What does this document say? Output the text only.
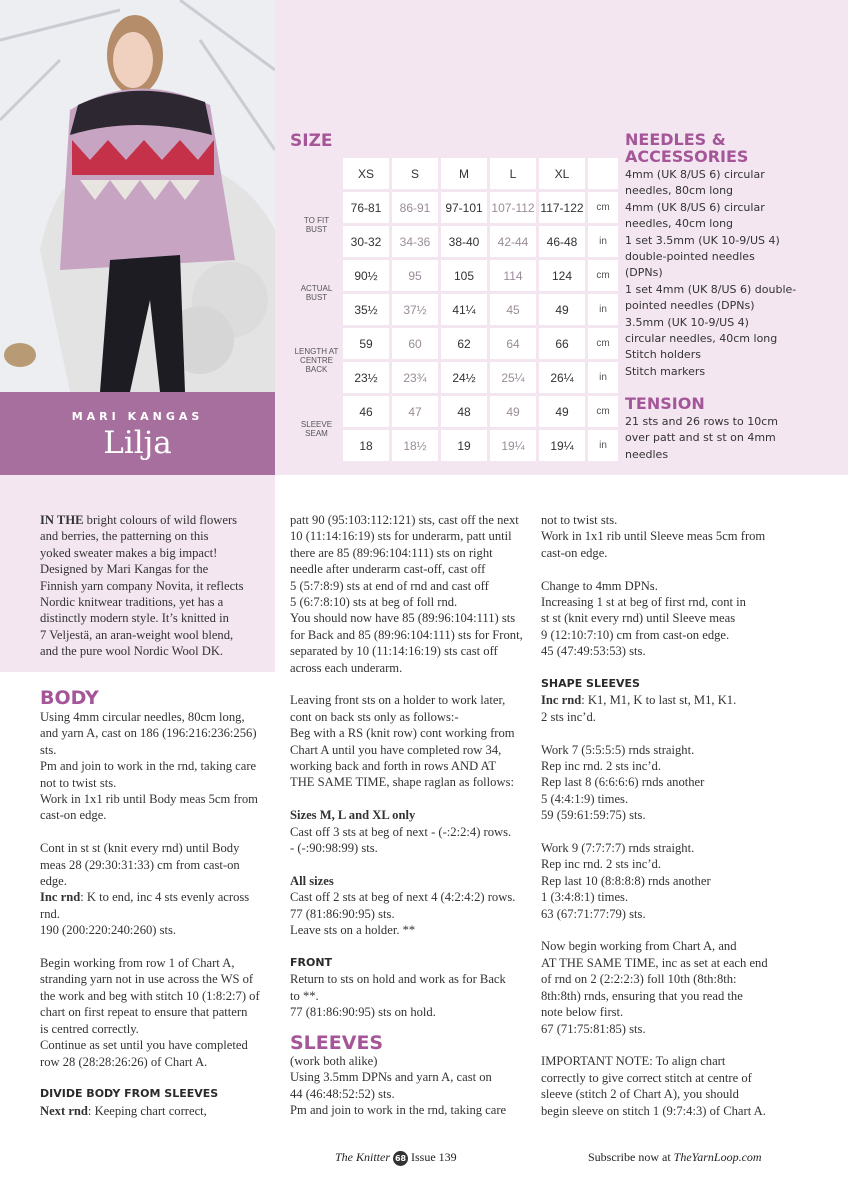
MARI KANGAS
Lilja
SIZE
	XS	S	M	L	XL	
TO FIT BUST	76-81	86-91	97-101	107-112	117-122	cm
	30-32	34-36	38-40	42-44	46-48	in
ACTUAL BUST	90½	95	105	114	124	cm
	35½	37½	41¼	45	49	in
LENGTH AT CENTRE BACK	59	60	62	64	66	cm
	23½	23¾	24½	25¼	26¼	in
SLEEVE SEAM	46	47	48	49	49	cm
	18	18½	19	19¼	19¼	in
NEEDLES &
ACCESSORIES
4mm (UK 8/US 6) circular
needles, 80cm long
4mm (UK 8/US 6) circular
needles, 40cm long
1 set 3.5mm (UK 10-9/US 4)
double-pointed needles
(DPNs)
1 set 4mm (UK 8/US 6) double-
pointed needles (DPNs)
3.5mm (UK 10-9/US 4)
circular needles, 40cm long
Stitch holders
Stitch markers
TENSION
21 sts and 26 rows to 10cm
over patt and st st on 4mm
needles

IN THE bright colours of wild flowers

and berries, the patterning on this

yoked sweater makes a big impact!

Designed by Mari Kangas for the

Finnish yarn company Novita, it reflects

Nordic knitwear traditions, yet has a

distinctly modern style. It’s knitted in

7 Veljestä, an aran-weight wool blend,

and the pure wool Nordic Wool DK.

BODY

Using 4mm circular needles, 80cm long,

and yarn A, cast on 186 (196:216:236:256)

sts.

Pm and join to work in the rnd, taking care

not to twist sts.

Work in 1x1 rib until Body meas 5cm from

cast-on edge.

Cont in st st (knit every rnd) until Body

meas 28 (29:30:31:33) cm from cast-on

edge.

Inc rnd: K to end, inc 4 sts evenly across

rnd.

190 (200:220:240:260) sts.

Begin working from row 1 of Chart A,

stranding yarn not in use across the WS of

the work and beg with stitch 10 (1:8:2:7) of

chart on first repeat to ensure that pattern

is centred correctly.

Continue as set until you have completed

row 28 (28:28:26:26) of Chart A.

DIVIDE BODY FROM SLEEVES

Next rnd: Keeping chart correct,

patt 90 (95:103:112:121) sts, cast off the next

10 (11:14:16:19) sts for underarm, patt until

there are 85 (89:96:104:111) sts on right

needle after underarm cast-off, cast off

5 (5:7:8:9) sts at end of rnd and cast off

5 (6:7:8:10) sts at beg of foll rnd.

You should now have 85 (89:96:104:111) sts

for Back and 85 (89:96:104:111) sts for Front,

separated by 10 (11:14:16:19) sts cast off

across each underarm.

Leaving front sts on a holder to work later,

cont on back sts only as follows:-

Beg with a RS (knit row) cont working from

Chart A until you have completed row 34,

working back and forth in rows AND AT

THE SAME TIME, shape raglan as follows:

Sizes M, L and XL only

Cast off 3 sts at beg of next - (-:2:2:4) rows.

- (-:90:98:99) sts.

All sizes

Cast off 2 sts at beg of next 4 (4:2:4:2) rows.

77 (81:86:90:95) sts.

Leave sts on a holder. **

FRONT

Return to sts on hold and work as for Back

to **.

77 (81:86:90:95) sts on hold.

SLEEVES

(work both alike)

Using 3.5mm DPNs and yarn A, cast on

44 (46:48:52:52) sts.

Pm and join to work in the rnd, taking care

not to twist sts.

Work in 1x1 rib until Sleeve meas 5cm from

cast-on edge.

Change to 4mm DPNs.

Increasing 1 st at beg of first rnd, cont in

st st (knit every rnd) until Sleeve meas

9 (12:10:7:10) cm from cast-on edge.

45 (47:49:53:53) sts.

SHAPE SLEEVES

Inc rnd: K1, M1, K to last st, M1, K1.

2 sts inc’d.

Work 7 (5:5:5:5) rnds straight.

Rep inc rnd. 2 sts inc’d.

Rep last 8 (6:6:6:6) rnds another

5 (4:4:1:9) times.

59 (59:61:59:75) sts.

Work 9 (7:7:7:7) rnds straight.

Rep inc rnd. 2 sts inc’d.

Rep last 10 (8:8:8:8) rnds another

1 (3:4:8:1) times.

63 (67:71:77:79) sts.

Now begin working from Chart A, and

AT THE SAME TIME, inc as set at each end

of rnd on 2 (2:2:2:3) foll 10th (8th:8th:

8th:8th) rnds, ensuring that you read the

note below first.

67 (71:75:81:85) sts.

IMPORTANT NOTE: To align chart

correctly to give correct stitch at centre of

sleeve (stitch 2 of Chart A), you should

begin sleeve on stitch 1 (9:7:4:3) of Chart A.

The Knitter 68 Issue 139	Subscribe now at TheYarnLoop.com
